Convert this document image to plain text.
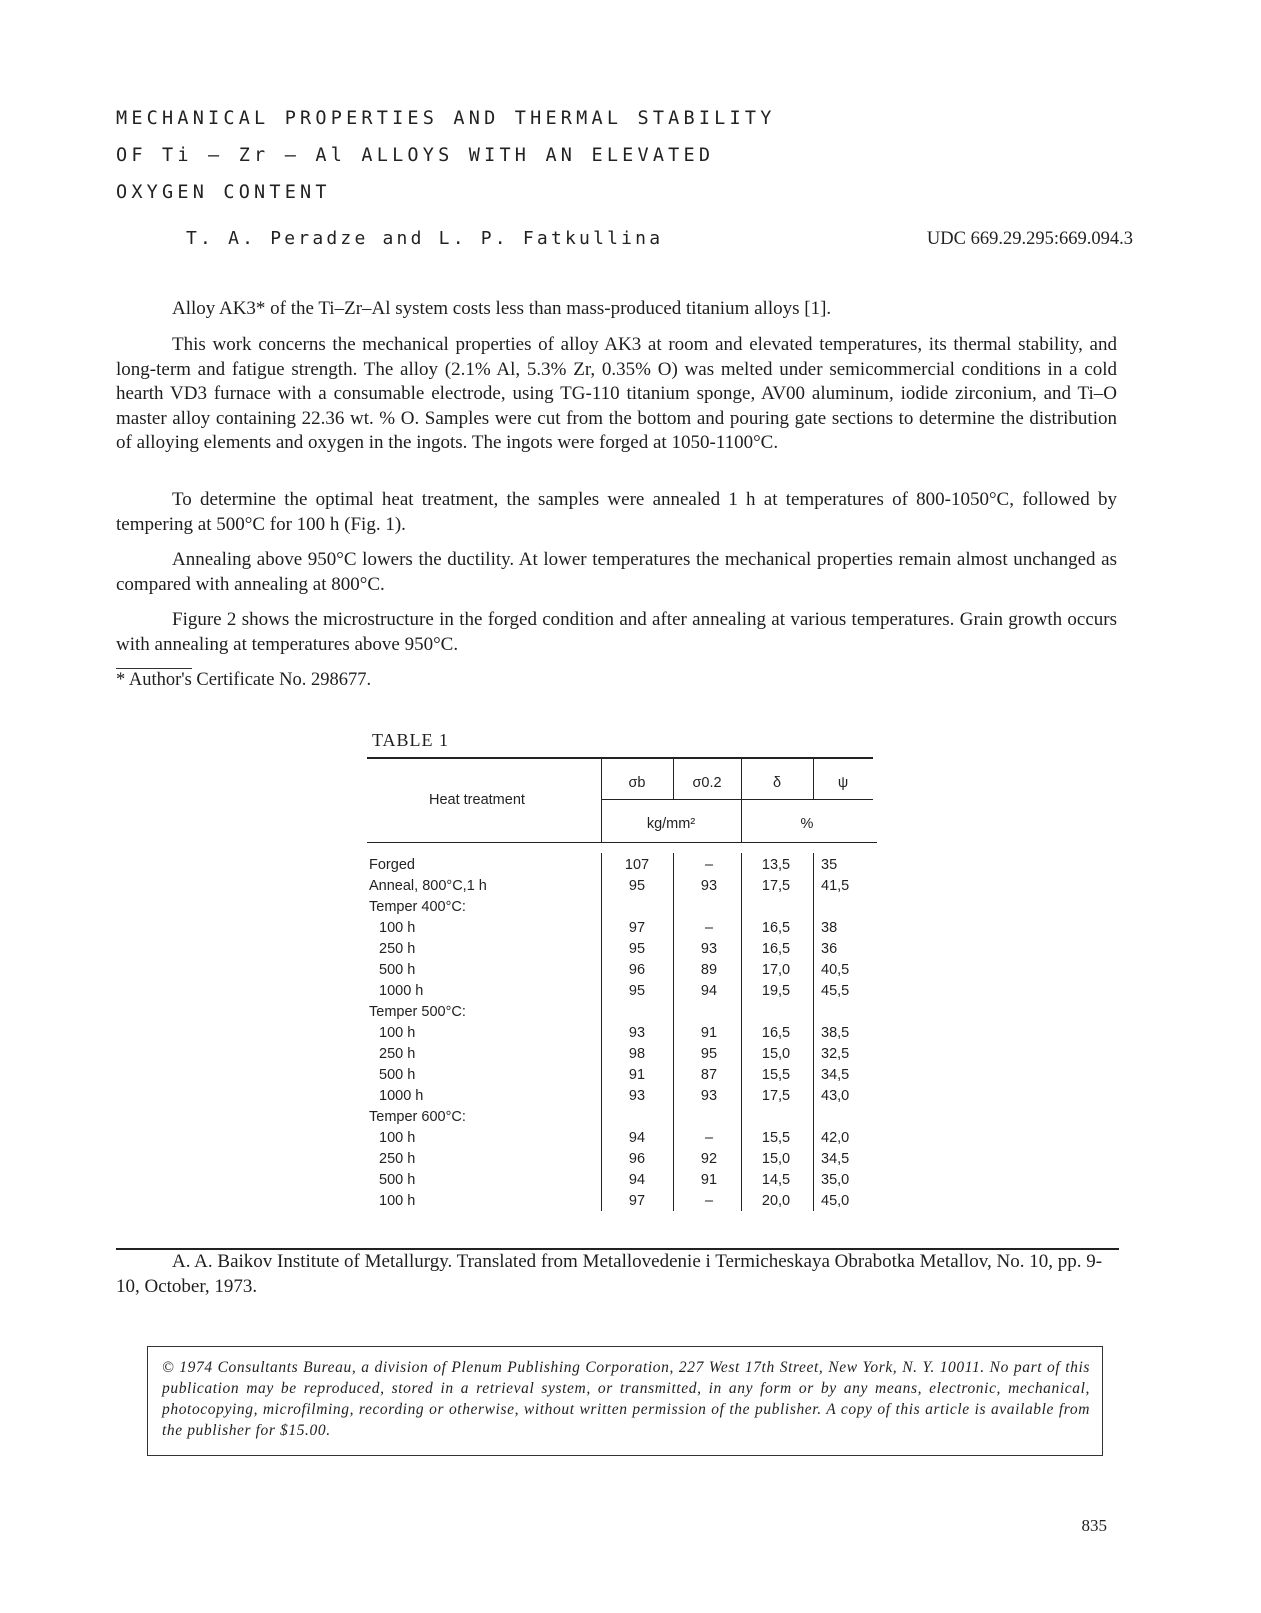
MECHANICAL PROPERTIES AND THERMAL STABILITY
OF Ti – Zr – Al ALLOYS WITH AN ELEVATED
OXYGEN CONTENT
T. A. Peradze and L. P. Fatkullina	UDC 669.29.295:669.094.3

Alloy AK3* of the Ti–Zr–Al system costs less than mass-produced titanium alloys [1].

This work concerns the mechanical properties of alloy AK3 at room and elevated temperatures, its thermal stability, and long-term and fatigue strength. The alloy (2.1% Al, 5.3% Zr, 0.35% O) was melted under semicommercial conditions in a cold hearth VD3 furnace with a consumable electrode, using TG-110 titanium sponge, AV00 aluminum, iodide zirconium, and Ti–O master alloy containing 22.36 wt. % O. Samples were cut from the bottom and pouring gate sections to determine the distribution of alloying elements and oxygen in the ingots. The ingots were forged at 1050-1100°C.

To determine the optimal heat treatment, the samples were annealed 1 h at temperatures of 800-1050°C, followed by tempering at 500°C for 100 h (Fig. 1).

Annealing above 950°C lowers the ductility. At lower temperatures the mechanical properties remain almost unchanged as compared with annealing at 800°C.

Figure 2 shows the microstructure in the forged condition and after annealing at various temperatures. Grain growth occurs with annealing at temperatures above 950°C.

* Author's Certificate No. 298677.
TABLE 1
Heat treatment
σb	σ0.2	δ	ψ
kg/mm²	%
Forged	107	–	13,5	35
Anneal, 800°C,1 h	95	93	17,5	41,5
Temper 400°C:
100 h	97	–	16,5	38
250 h	95	93	16,5	36
500 h	96	89	17,0	40,5
1000 h	95	94	19,5	45,5
Temper 500°C:
100 h	93	91	16,5	38,5
250 h	98	95	15,0	32,5
500 h	91	87	15,5	34,5
1000 h	93	93	17,5	43,0
Temper 600°C:
100 h	94	–	15,5	42,0
250 h	96	92	15,0	34,5
500 h	94	91	14,5	35,0
100 h	97	–	20,0	45,0

A. A. Baikov Institute of Metallurgy. Translated from Metallovedenie i Termicheskaya Obrabotka Metallov, No. 10, pp. 9-10, October, 1973.

© 1974 Consultants Bureau, a division of Plenum Publishing Corporation, 227 West 17th Street, New York, N. Y. 10011. No part of this publication may be reproduced, stored in a retrieval system, or transmitted, in any form or by any means, electronic, mechanical, photocopying, microfilming, recording or otherwise, without written permission of the publisher. A copy of this article is available from the publisher for $15.00.
835
